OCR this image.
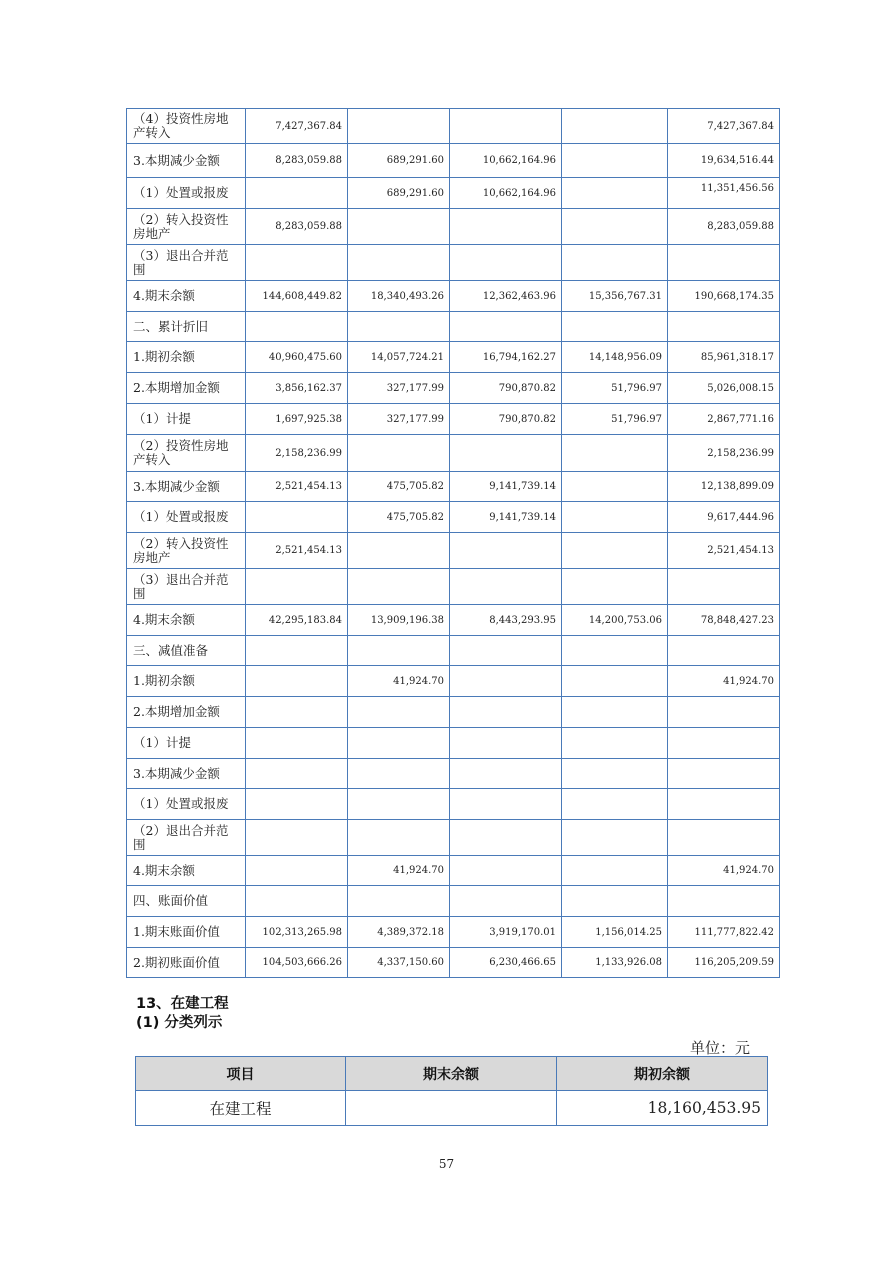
（4）投资性房地产转入	7,427,367.84				7,427,367.84
3.本期减少金额	8,283,059.88	689,291.60	10,662,164.96		19,634,516.44
（1）处置或报废		689,291.60	10,662,164.96		11,351,456.56
（2）转入投资性房地产	8,283,059.88				8,283,059.88
（3）退出合并范围					
4.期末余额	144,608,449.82	18,340,493.26	12,362,463.96	15,356,767.31	190,668,174.35
二、累计折旧					
1.期初余额	40,960,475.60	14,057,724.21	16,794,162.27	14,148,956.09	85,961,318.17
2.本期增加金额	3,856,162.37	327,177.99	790,870.82	51,796.97	5,026,008.15
（1）计提	1,697,925.38	327,177.99	790,870.82	51,796.97	2,867,771.16
（2）投资性房地产转入	2,158,236.99				2,158,236.99
3.本期减少金额	2,521,454.13	475,705.82	9,141,739.14		12,138,899.09
（1）处置或报废		475,705.82	9,141,739.14		9,617,444.96
（2）转入投资性房地产	2,521,454.13				2,521,454.13
（3）退出合并范围					
4.期末余额	42,295,183.84	13,909,196.38	8,443,293.95	14,200,753.06	78,848,427.23
三、减值准备					
1.期初余额		41,924.70			41,924.70
2.本期增加金额					
（1）计提					
3.本期减少金额					
（1）处置或报废					
（2）退出合并范围					
4.期末余额		41,924.70			41,924.70
四、账面价值					
1.期末账面价值	102,313,265.98	4,389,372.18	3,919,170.01	1,156,014.25	111,777,822.42
2.期初账面价值	104,503,666.26	4,337,150.60	6,230,466.65	1,133,926.08	116,205,209.59
13、在建工程
(1) 分类列示
单位：元
项目	期末余额	期初余额
在建工程		18,160,453.95
57
